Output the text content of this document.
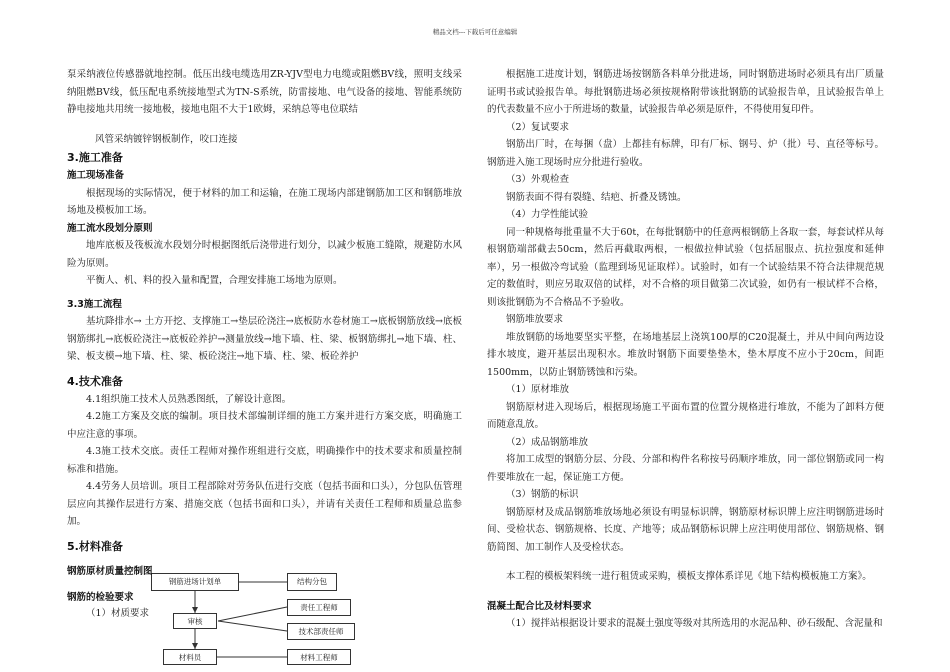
精品文档---下载后可任意编辑

泵采纳液位传感器就地控制。低压出线电缆选用ZR-YJV型电力电缆或阻燃BV线，照明支线采纳阻燃BV线，低压配电系统接地型式为TN-S系统，防雷接地、电气设备的接地、智能系统防静电接地共用统一接地极，接地电阻不大于1欧姆，采纳总等电位联结

风管采纳镀锌钢板制作，咬口连接

3.施工准备
施工现场准备

根据现场的实际情况，便于材料的加工和运输，在施工现场内部建钢筋加工区和钢筋堆放场地及模板加工场。

施工流水段划分原则

地库底板及筏板流水段划分时根据图纸后浇带进行划分，以减少板施工缝隙，规避防水风险为原则。

平衡人、机、料的投入量和配置，合理安排施工场地为原则。

3.3施工流程

基坑降排水→ 土方开挖、支撑施工→垫层砼浇注→底板防水卷材施工→底板钢筋放线→底板钢筋绑扎→底板砼浇注→底板砼养护→测量放线→地下墙、柱、梁、板钢筋绑扎→地下墙、柱、梁、板支模→地下墙、柱、梁、板砼浇注→地下墙、柱、梁、板砼养护

4.技术准备

4.1组织施工技术人员熟悉图纸，了解设计意图。

4.2施工方案及交底的编制。项目技术部编制详细的施工方案并进行方案交底，明确施工中应注意的事项。

4.3施工技术交底。责任工程师对操作班组进行交底，明确操作中的技术要求和质量控制标准和措施。

4.4劳务人员培训。项目工程部除对劳务队伍进行交底（包括书面和口头），分包队伍管理层应向其操作层进行方案、措施交底（包括书面和口头），并请有关责任工程师和质量总监参加。

5.材料准备
钢筋进场计划单	结构分包
审核
责任工程师
技术部责任师
材料员	材料工程师
钢筋原材质量控制图
钢筋的检验要求

（1）材质要求

根据施工进度计划，钢筋进场按钢筋各料单分批进场，同时钢筋进场时必须具有出厂质量证明书或试验报告单。每批钢筋进场必须按规格附带该批钢筋的试验报告单，且试验报告单上的代表数量不应小于所进场的数量，试验报告单必须是原件，不得使用复印件。

（2）复试要求

钢筋出厂时，在每捆（盘）上都挂有标牌，印有厂标、钢号、炉（批）号、直径等标号。钢筋进入施工现场时应分批进行验收。

（3）外观检查

钢筋表面不得有裂缝、结疤、折叠及锈蚀。

（4）力学性能试验

同一种规格每批重量不大于60t，在每批钢筋中的任意两根钢筋上各取一套，每套试样从每根钢筋端部截去50cm，然后再截取两根，一根做拉伸试验（包括屈服点、抗拉强度和延伸率），另一根做冷弯试验（监理到场见证取样）。试验时，如有一个试验结果不符合法律规范规定的数值时，则应另取双倍的试样，对不合格的项目做第二次试验，如仍有一根试样不合格，则该批钢筋为不合格品不予验收。

钢筋堆放要求

堆放钢筋的场地要坚实平整，在场地基层上浇筑100厚的C20混凝土，并从中间向两边设排水坡度，避开基层出现积水。堆放时钢筋下面要垫垫木，垫木厚度不应小于20cm，间距1500mm，以防止钢筋锈蚀和污染。

（1）原材堆放

钢筋原材进入现场后，根据现场施工平面布置的位置分规格进行堆放，不能为了卸料方便而随意乱放。

（2）成品钢筋堆放

将加工成型的钢筋分层、分段、分部和构件名称按号码顺序堆放，同一部位钢筋或同一构件要堆放在一起，保证施工方便。

（3）钢筋的标识

钢筋原材及成品钢筋堆放场地必须设有明显标识牌，钢筋原材标识牌上应注明钢筋进场时间、受检状态、钢筋规格、长度、产地等；成品钢筋标识牌上应注明使用部位、钢筋规格、钢筋简图、加工制作人及受检状态。

本工程的模板架料统一进行租赁或采购，模板支撑体系详见《地下结构模板施工方案》。

混凝土配合比及材料要求

（1）搅拌站根据设计要求的混凝土强度等级对其所选用的水泥品种、砂石级配、含泥量和
